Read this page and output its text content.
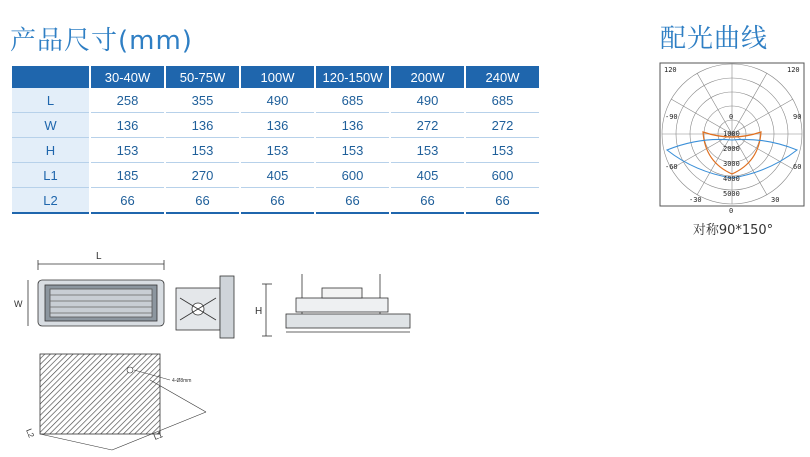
产品尺寸(mm)	配光曲线
	30-40W	50-75W	100W	120-150W	200W	240W
L	258	355	490	685	490	685
W	136	136	136	136	272	272
H	153	153	153	153	153	153
L1	185	270	405	600	405	600
L2	66	66	66	66	66	66
120	120
-90	90
-60	60
-30	30
0
0
1000
2000
3000
4000
5000
对称90*150°
L
W
H
4-Ø8mm
L1
L2
